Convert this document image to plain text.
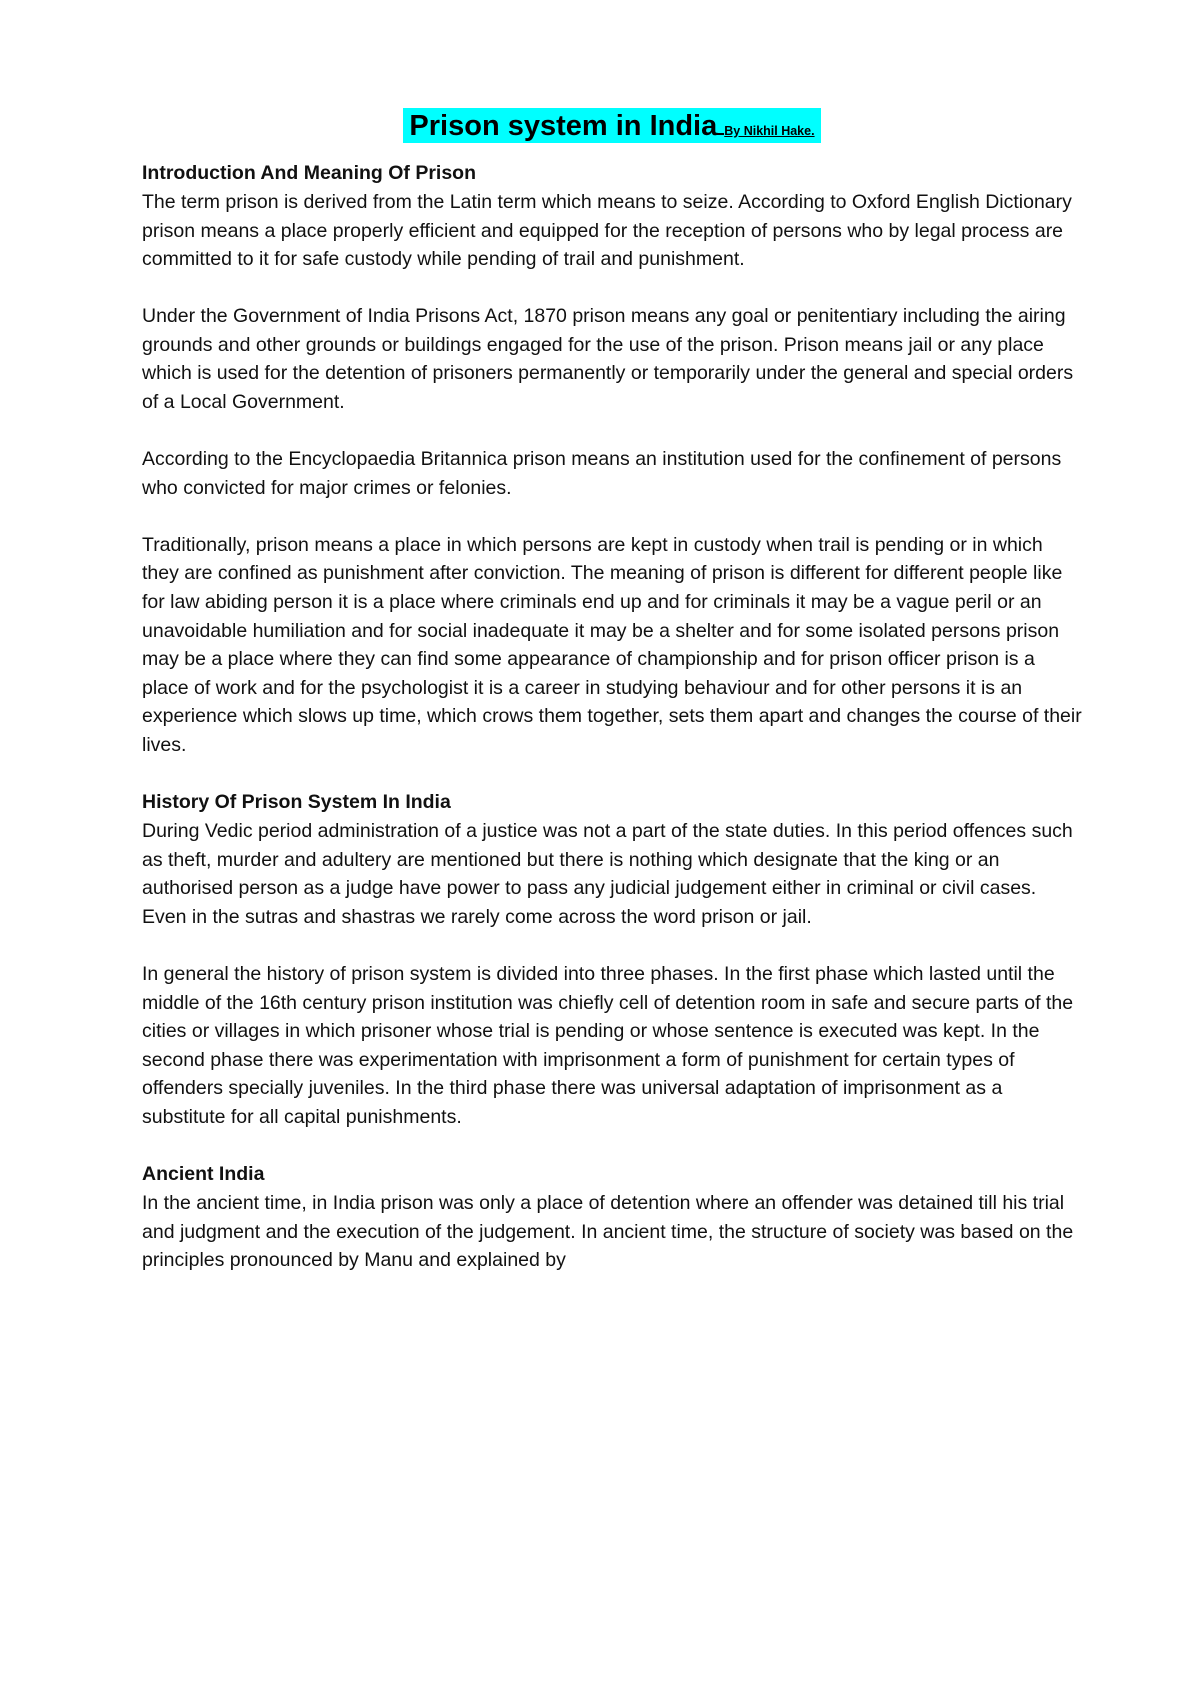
Prison system in India By Nikhil Hake.
Introduction And Meaning Of Prison

The term prison is derived from the Latin term which means to seize. According to Oxford English Dictionary prison means a place properly efficient and equipped for the reception of persons who by legal process are committed to it for safe custody while pending of trail and punishment.

Under the Government of India Prisons Act, 1870 prison means any goal or penitentiary including the airing grounds and other grounds or buildings engaged for the use of the prison. Prison means jail or any place which is used for the detention of prisoners permanently or temporarily under the general and special orders of a Local Government.

According to the Encyclopaedia Britannica prison means an institution used for the confinement of persons who convicted for major crimes or felonies.

Traditionally, prison means a place in which persons are kept in custody when trail is pending or in which they are confined as punishment after conviction. The meaning of prison is different for different people like for law abiding person it is a place where criminals end up and for criminals it may be a vague peril or an unavoidable humiliation and for social inadequate it may be a shelter and for some isolated persons prison may be a place where they can find some appearance of championship and for prison officer prison is a place of work and for the psychologist it is a career in studying behaviour and for other persons it is an experience which slows up time, which crows them together, sets them apart and changes the course of their lives.

History Of Prison System In India

During Vedic period administration of a justice was not a part of the state duties. In this period offences such as theft, murder and adultery are mentioned but there is nothing which designate that the king or an authorised person as a judge have power to pass any judicial judgement either in criminal or civil cases. Even in the sutras and shastras we rarely come across the word prison or jail.

In general the history of prison system is divided into three phases. In the first phase which lasted until the middle of the 16th century prison institution was chiefly cell of detention room in safe and secure parts of the cities or villages in which prisoner whose trial is pending or whose sentence is executed was kept. In the second phase there was experimentation with imprisonment a form of punishment for certain types of offenders specially juveniles. In the third phase there was universal adaptation of imprisonment as a substitute for all capital punishments.

Ancient India

In the ancient time, in India prison was only a place of detention where an offender was detained till his trial and judgment and the execution of the judgement. In ancient time, the structure of society was based on the principles pronounced by Manu and explained by
